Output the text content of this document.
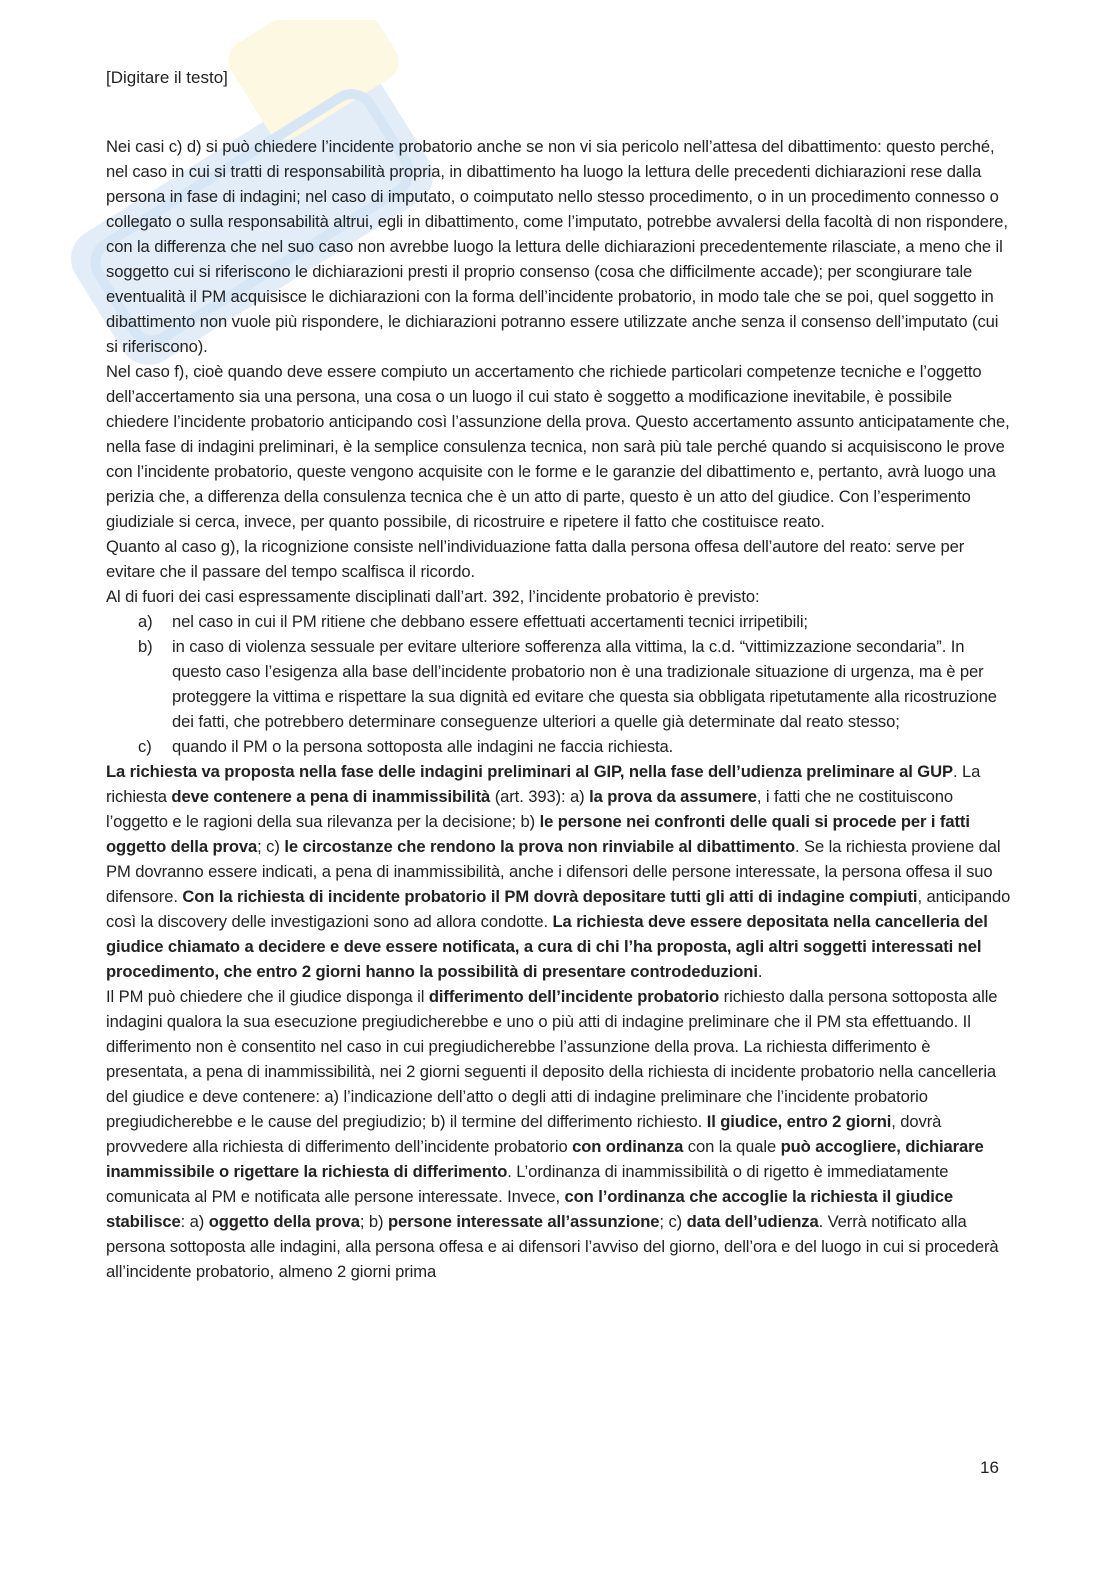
[Digitare il testo]

Nei casi c) d) si può chiedere l’incidente probatorio anche se non vi sia pericolo nell’attesa del dibattimento: questo perché, nel caso in cui si tratti di responsabilità propria, in dibattimento ha luogo la lettura delle precedenti dichiarazioni rese dalla persona in fase di indagini; nel caso di imputato, o coimputato nello stesso procedimento, o in un procedimento connesso o collegato o sulla responsabilità altrui, egli in dibattimento, come l’imputato, potrebbe avvalersi della facoltà di non rispondere, con la differenza che nel suo caso non avrebbe luogo la lettura delle dichiarazioni precedentemente rilasciate, a meno che il soggetto cui si riferiscono le dichiarazioni presti il proprio consenso (cosa che difficilmente accade); per scongiurare tale eventualità il PM acquisisce le dichiarazioni con la forma dell’incidente probatorio, in modo tale che se poi, quel soggetto in dibattimento non vuole più rispondere, le dichiarazioni potranno essere utilizzate anche senza il consenso dell’imputato (cui si riferiscono).

Nel caso f), cioè quando deve essere compiuto un accertamento che richiede particolari competenze tecniche e l’oggetto dell’accertamento sia una persona, una cosa o un luogo il cui stato è soggetto a modificazione inevitabile, è possibile chiedere l’incidente probatorio anticipando così l’assunzione della prova. Questo accertamento assunto anticipatamente che, nella fase di indagini preliminari, è la semplice consulenza tecnica, non sarà più tale perché quando si acquisiscono le prove con l’incidente probatorio, queste vengono acquisite con le forme e le garanzie del dibattimento e, pertanto, avrà luogo una perizia che, a differenza della consulenza tecnica che è un atto di parte, questo è un atto del giudice. Con l’esperimento giudiziale si cerca, invece, per quanto possibile, di ricostruire e ripetere il fatto che costituisce reato.

Quanto al caso g), la ricognizione consiste nell’individuazione fatta dalla persona offesa dell’autore del reato: serve per evitare che il passare del tempo scalfisca il ricordo.

Al di fuori dei casi espressamente disciplinati dall’art. 392, l’incidente probatorio è previsto:

a) nel caso in cui il PM ritiene che debbano essere effettuati accertamenti tecnici irripetibili;
b) in caso di violenza sessuale per evitare ulteriore sofferenza alla vittima, la c.d. “vittimizzazione secondaria”. In questo caso l’esigenza alla base dell’incidente probatorio non è una tradizionale situazione di urgenza, ma è per proteggere la vittima e rispettare la sua dignità ed evitare che questa sia obbligata ripetutamente alla ricostruzione dei fatti, che potrebbero determinare conseguenze ulteriori a quelle già determinate dal reato stesso;
c) quando il PM o la persona sottoposta alle indagini ne faccia richiesta.

La richiesta va proposta nella fase delle indagini preliminari al GIP, nella fase dell’udienza preliminare al GUP. La richiesta deve contenere a pena di inammissibilità (art. 393): a) la prova da assumere, i fatti che ne costituiscono l’oggetto e le ragioni della sua rilevanza per la decisione; b) le persone nei confronti delle quali si procede per i fatti oggetto della prova; c) le circostanze che rendono la prova non rinviabile al dibattimento. Se la richiesta proviene dal PM dovranno essere indicati, a pena di inammissibilità, anche i difensori delle persone interessate, la persona offesa il suo difensore. Con la richiesta di incidente probatorio il PM dovrà depositare tutti gli atti di indagine compiuti, anticipando così la discovery delle investigazioni sono ad allora condotte. La richiesta deve essere depositata nella cancelleria del giudice chiamato a decidere e deve essere notificata, a cura di chi l’ha proposta, agli altri soggetti interessati nel procedimento, che entro 2 giorni hanno la possibilità di presentare controdeduzioni.

Il PM può chiedere che il giudice disponga il differimento dell’incidente probatorio richiesto dalla persona sottoposta alle indagini qualora la sua esecuzione pregiudicherebbe e uno o più atti di indagine preliminare che il PM sta effettuando. Il differimento non è consentito nel caso in cui pregiudicherebbe l’assunzione della prova. La richiesta differimento è presentata, a pena di inammissibilità, nei 2 giorni seguenti il deposito della richiesta di incidente probatorio nella cancelleria del giudice e deve contenere: a) l’indicazione dell’atto o degli atti di indagine preliminare che l’incidente probatorio pregiudicherebbe e le cause del pregiudizio; b) il termine del differimento richiesto. Il giudice, entro 2 giorni, dovrà provvedere alla richiesta di differimento dell’incidente probatorio con ordinanza con la quale può accogliere, dichiarare inammissibile o rigettare la richiesta di differimento. L’ordinanza di inammissibilità o di rigetto è immediatamente comunicata al PM e notificata alle persone interessate. Invece, con l’ordinanza che accoglie la richiesta il giudice stabilisce: a) oggetto della prova; b) persone interessate all’assunzione; c) data dell’udienza. Verrà notificato alla persona sottoposta alle indagini, alla persona offesa e ai difensori l’avviso del giorno, dell’ora e del luogo in cui si procederà all’incidente probatorio, almeno 2 giorni prima

16
